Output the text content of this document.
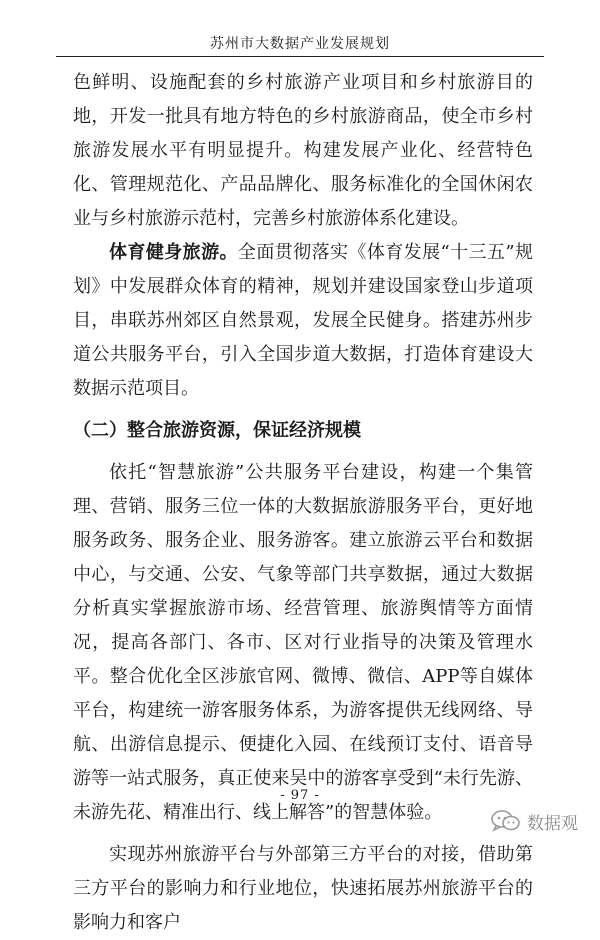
苏州市大数据产业发展规划

色鲜明、设施配套的乡村旅游产业项目和乡村旅游目的地，开发一批具有地方特色的乡村旅游商品，使全市乡村旅游发展水平有明显提升。构建发展产业化、经营特色化、管理规范化、产品品牌化、服务标准化的全国休闲农业与乡村旅游示范村，完善乡村旅游体系化建设。

体育健身旅游。全面贯彻落实《体育发展“十三五”规划》中发展群众体育的精神，规划并建设国家登山步道项目，串联苏州郊区自然景观，发展全民健身。搭建苏州步道公共服务平台，引入全国步道大数据，打造体育建设大数据示范项目。

（二）整合旅游资源，保证经济规模

依托“智慧旅游”公共服务平台建设，构建一个集管理、营销、服务三位一体的大数据旅游服务平台，更好地服务政务、服务企业、服务游客。建立旅游云平台和数据中心，与交通、公安、气象等部门共享数据，通过大数据分析真实掌握旅游市场、经营管理、旅游舆情等方面情况，提高各部门、各市、区对行业指导的决策及管理水平。整合优化全区涉旅官网、微博、微信、APP等自媒体平台，构建统一游客服务体系，为游客提供无线网络、导航、出游信息提示、便捷化入园、在线预订支付、语音导游等一站式服务，真正使来吴中的游客享受到“未行先游、未游先花、精准出行、线上解答”的智慧体验。

实现苏州旅游平台与外部第三方平台的对接，借助第三方平台的影响力和行业地位，快速拓展苏州旅游平台的影响力和客户

- 97 -
数据观
